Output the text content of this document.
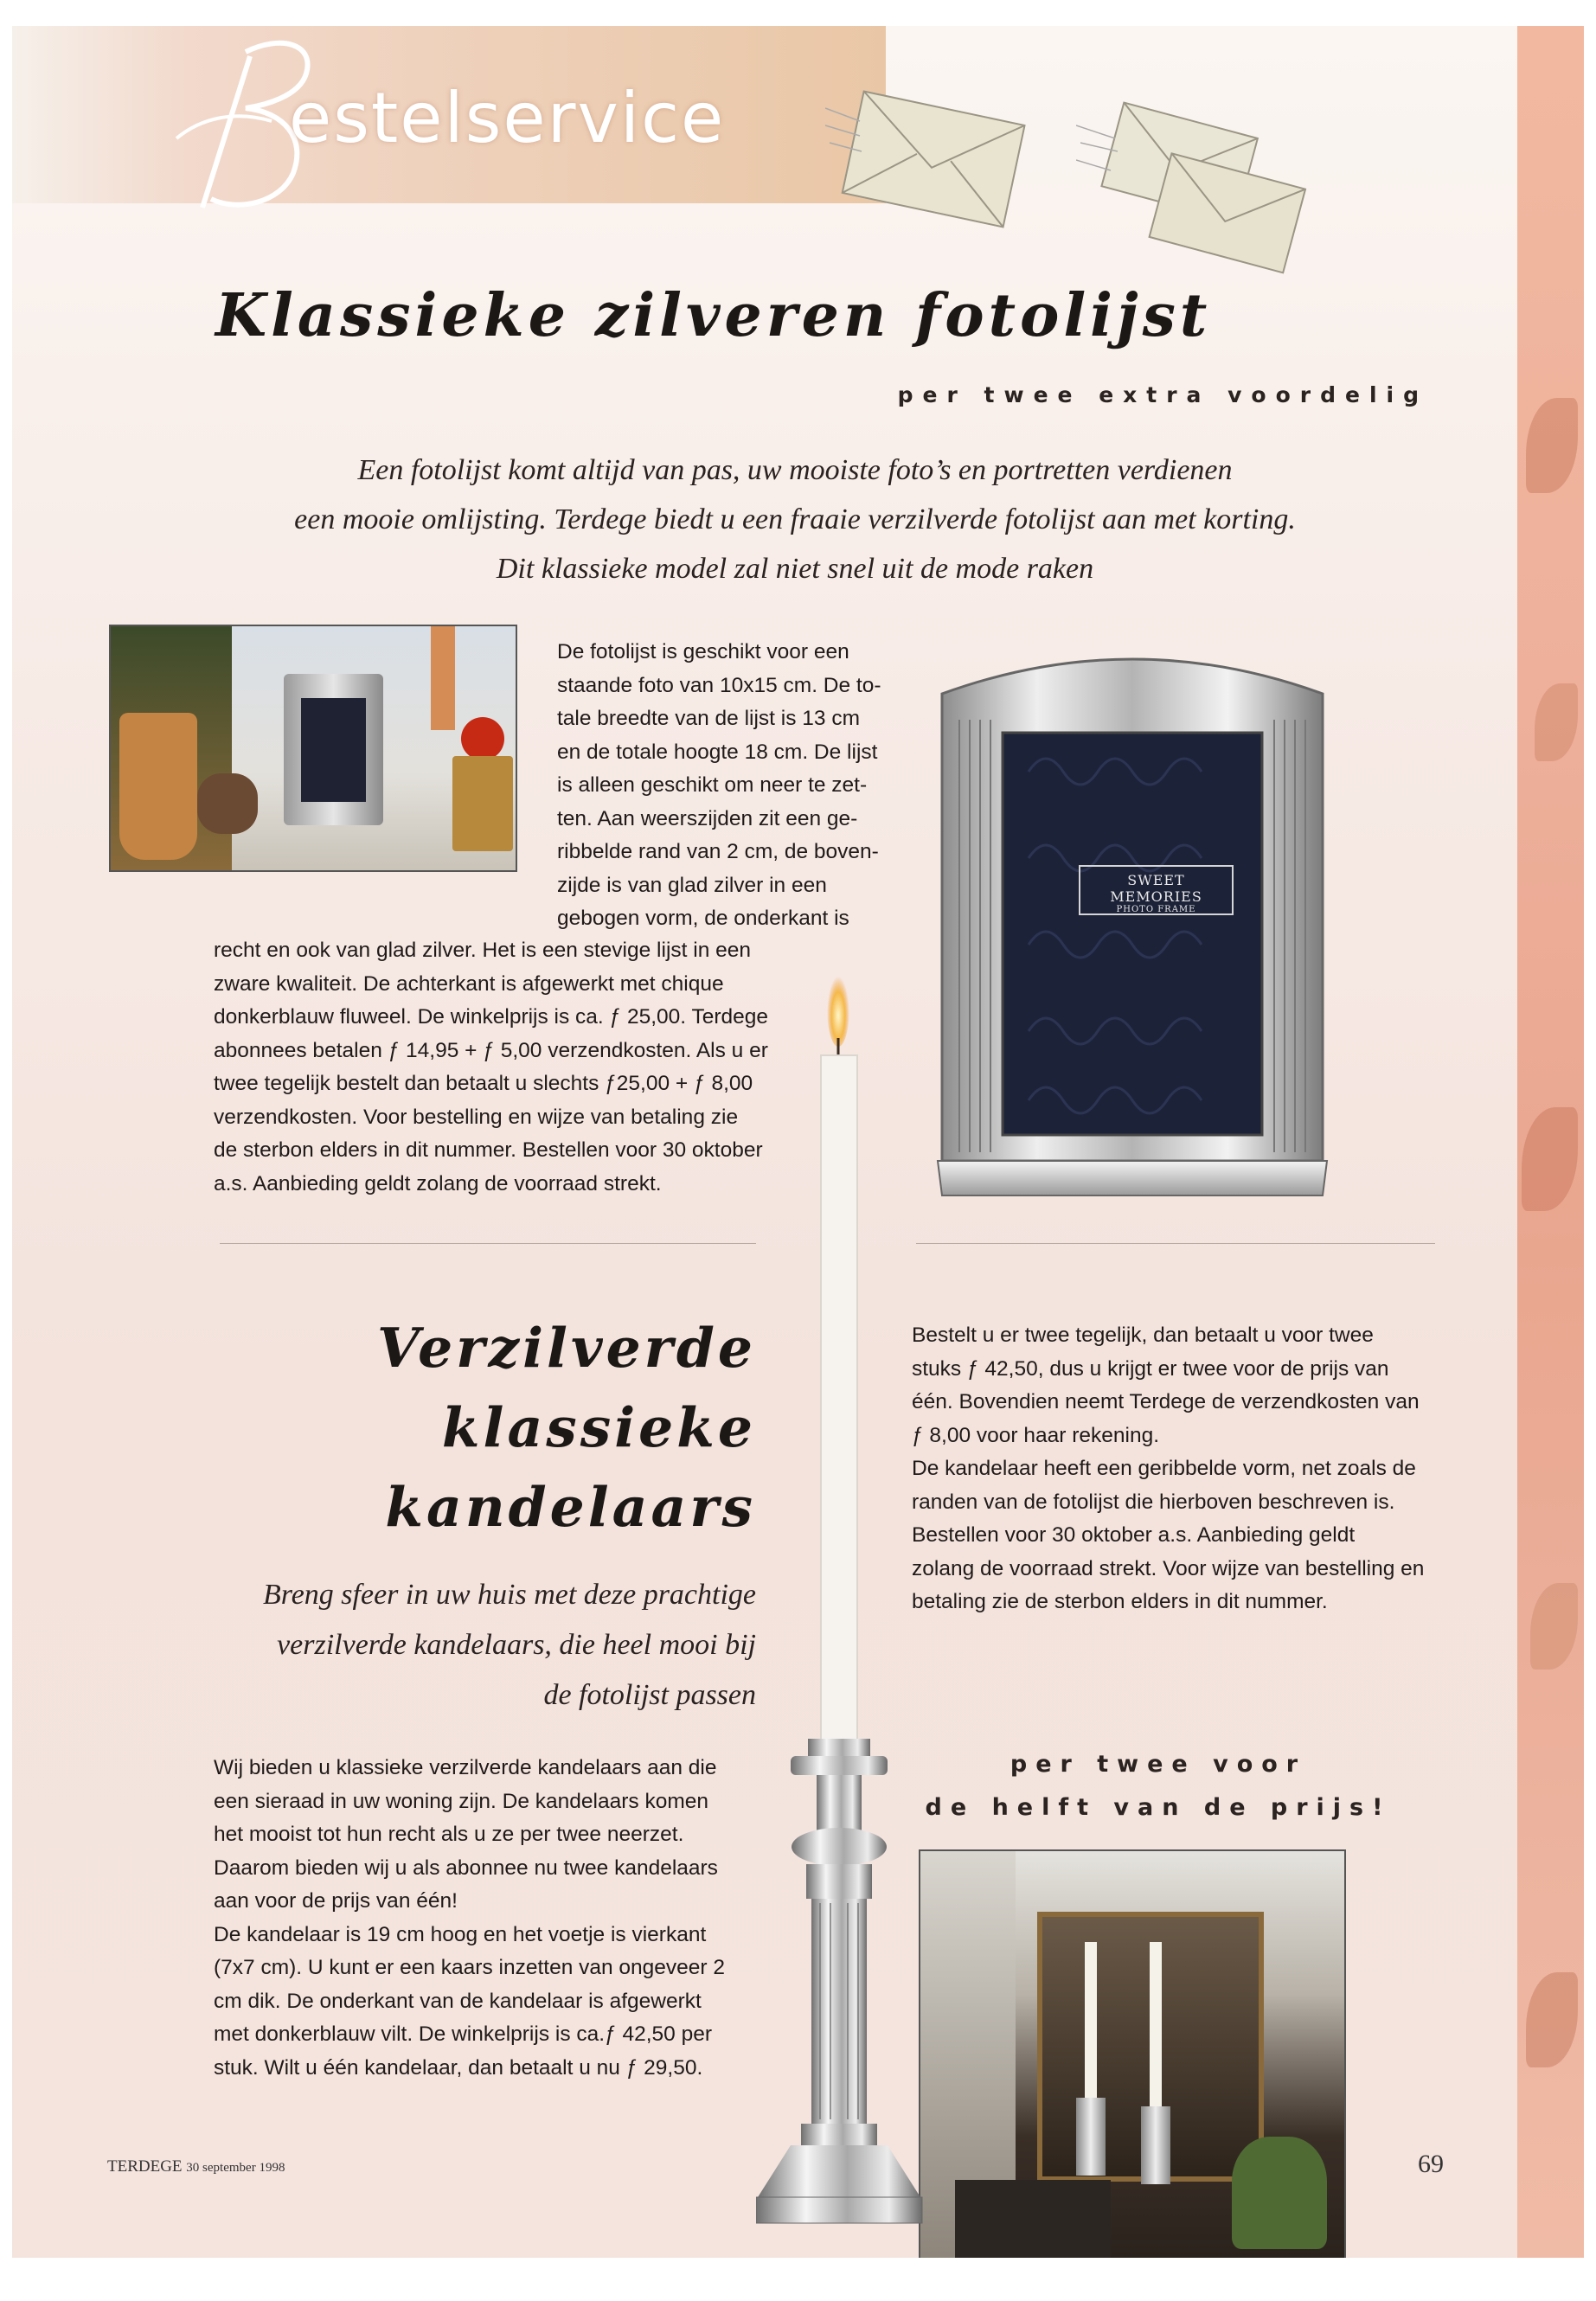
estelservice
Klassieke zilveren fotolijst
per twee extra voordelig
Een fotolijst komt altijd van pas, uw mooiste foto’s en portretten verdienen
een mooie omlijsting. Terdege biedt u een fraaie verzilverde fotolijst aan met korting.
Dit klassieke model zal niet snel uit de mode raken
De fotolijst is geschikt voor een
staande foto van 10x15 cm. De to-
tale breedte van de lijst is 13 cm
en de totale hoogte 18 cm. De lijst
is alleen geschikt om neer te zet-
ten. Aan weerszijden zit een ge-
ribbelde rand van 2 cm, de boven-
zijde is van glad zilver in een
gebogen vorm, de onderkant is
recht en ook van glad zilver. Het is een stevige lijst in een
zware kwaliteit. De achterkant is afgewerkt met chique
donkerblauw fluweel. De winkelprijs is ca. ƒ 25,00. Terdege
abonnees betalen ƒ 14,95 + ƒ 5,00 verzendkosten. Als u er
twee tegelijk bestelt dan betaalt u slechts ƒ25,00 + ƒ 8,00
verzendkosten. Voor bestelling en wijze van betaling zie
de sterbon elders in dit nummer. Bestellen voor 30 oktober
a.s. Aanbieding geldt zolang de voorraad strekt.
SWEET MEMORIES
PHOTO FRAME
Verzilverde
klassieke
kandelaars
Breng sfeer in uw huis met deze prachtige
verzilverde kandelaars, die heel mooi bij
de fotolijst passen
Wij bieden u klassieke verzilverde kandelaars aan die
een sieraad in uw woning zijn. De kandelaars komen
het mooist tot hun recht als u ze per twee neerzet.
Daarom bieden wij u als abonnee nu twee kandelaars
aan voor de prijs van één!
De kandelaar is 19 cm hoog en het voetje is vierkant
(7x7 cm). U kunt er een kaars inzetten van ongeveer 2
cm dik. De onderkant van de kandelaar is afgewerkt
met donkerblauw vilt. De winkelprijs is ca.ƒ 42,50 per
stuk. Wilt u één kandelaar, dan betaalt u nu ƒ 29,50.
Bestelt u er twee tegelijk, dan betaalt u voor twee
stuks ƒ 42,50, dus u krijgt er twee voor de prijs van
één. Bovendien neemt Terdege de verzendkosten van
ƒ 8,00 voor haar rekening.
De kandelaar heeft een geribbelde vorm, net zoals de
randen van de fotolijst die hierboven beschreven is.
Bestellen voor 30 oktober a.s. Aanbieding geldt
zolang de voorraad strekt. Voor wijze van bestelling en
betaling zie de sterbon elders in dit nummer.
per twee voor
de helft van de prijs!
TERDEGE 30 september 1998	69
